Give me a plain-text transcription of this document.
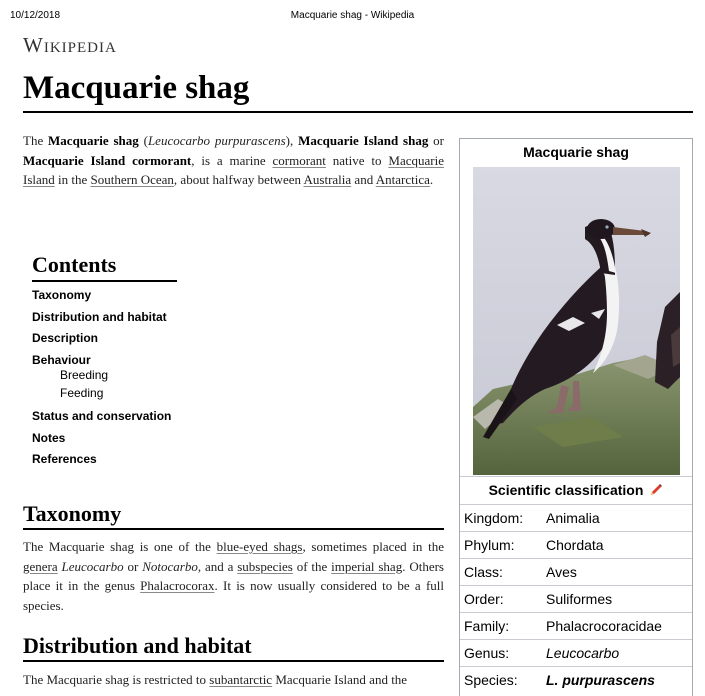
10/12/2018	Macquarie shag - Wikipedia
Wikipedia
Macquarie shag

The Macquarie shag (Leucocarbo purpurascens), Macquarie Island shag or Macquarie Island cormorant, is a marine cormorant native to Macquarie Island in the Southern Ocean, about halfway between Australia and Antarctica.

Contents
Taxonomy
Distribution and habitat
Description
Behaviour
Breeding
Feeding
Status and conservation
Notes
References
Taxonomy

The Macquarie shag is one of the blue-eyed shags, sometimes placed in the genera Leucocarbo or Notocarbo, and a subspecies of the imperial shag. Others place it in the genus Phalacrocorax. It is now usually considered to be a full species.

Distribution and habitat

The Macquarie shag is restricted to subantarctic Macquarie Island and the

Macquarie shag
Scientific classification
Kingdom: Animalia
Phylum: Chordata
Class:	Aves
Order:	Suliformes
Family:	Phalacrocoracidae
Genus:	Leucocarbo
Species: L. purpurascens
